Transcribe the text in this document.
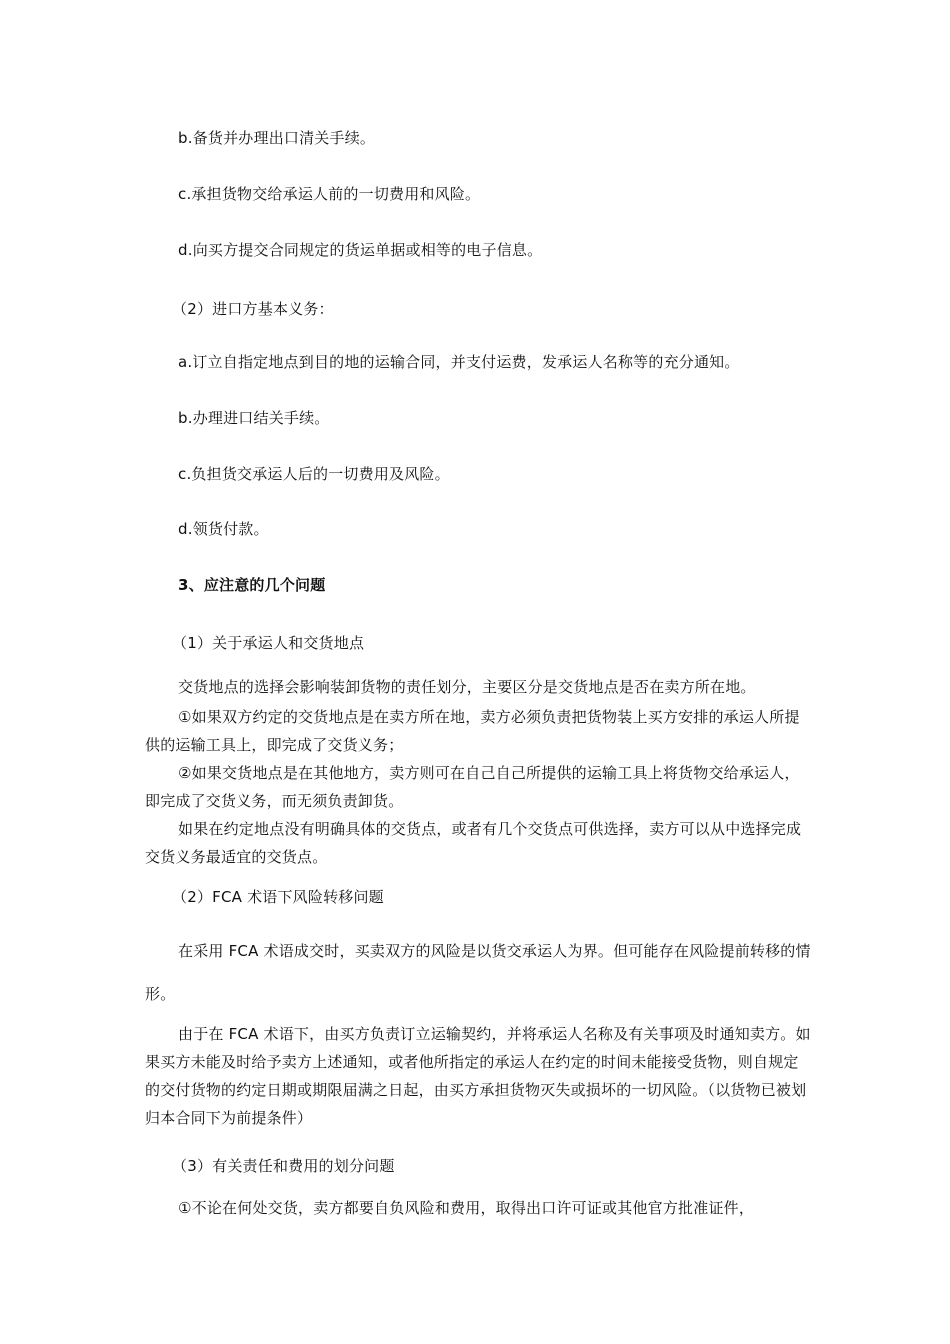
b.备货并办理出口清关手续。
c.承担货物交给承运人前的一切费用和风险。
d.向买方提交合同规定的货运单据或相等的电子信息。
（2）进口方基本义务：
a.订立自指定地点到目的地的运输合同，并支付运费，发承运人名称等的充分通知。
b.办理进口结关手续。
c.负担货交承运人后的一切费用及风险。
d.领货付款。
3、应注意的几个问题
（1）关于承运人和交货地点
交货地点的选择会影响装卸货物的责任划分，主要区分是交货地点是否在卖方所在地。
①如果双方约定的交货地点是在卖方所在地，卖方必须负责把货物装上买方安排的承运人所提供的运输工具上，即完成了交货义务；
②如果交货地点是在其他地方，卖方则可在自己自己所提供的运输工具上将货物交给承运人，即完成了交货义务，而无须负责卸货。
如果在约定地点没有明确具体的交货点，或者有几个交货点可供选择，卖方可以从中选择完成交货义务最适宜的交货点。
（2）FCA 术语下风险转移问题
在采用 FCA 术语成交时，买卖双方的风险是以货交承运人为界。但可能存在风险提前转移的情形。
由于在 FCA 术语下，由买方负责订立运输契约，并将承运人名称及有关事项及时通知卖方。如果买方未能及时给予卖方上述通知，或者他所指定的承运人在约定的时间未能接受货物，则自规定的交付货物的约定日期或期限届满之日起，由买方承担货物灭失或损坏的一切风险。（以货物已被划归本合同下为前提条件）
（3）有关责任和费用的划分问题
①不论在何处交货，卖方都要自负风险和费用，取得出口许可证或其他官方批准证件，
